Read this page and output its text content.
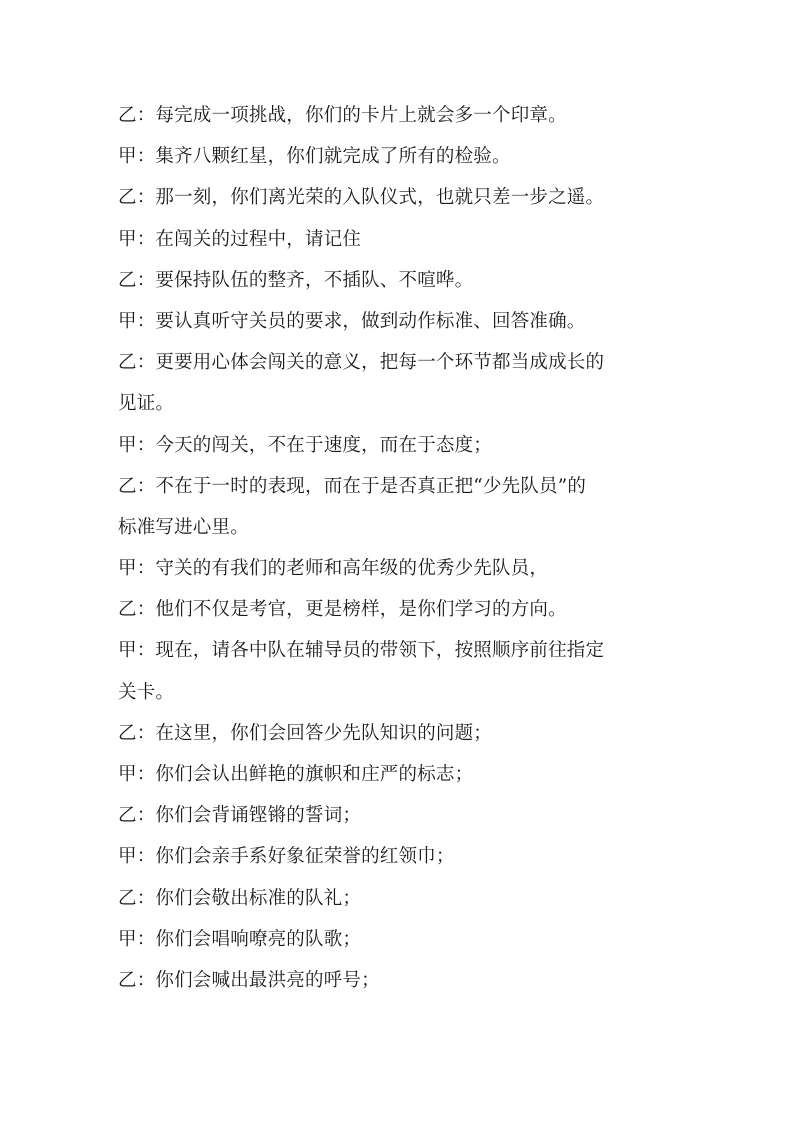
乙：每完成一项挑战，你们的卡片上就会多一个印章。
甲：集齐八颗红星，你们就完成了所有的检验。
乙：那一刻，你们离光荣的入队仪式，也就只差一步之遥。
甲：在闯关的过程中，请记住
乙：要保持队伍的整齐，不插队、不喧哗。
甲：要认真听守关员的要求，做到动作标准、回答准确。
乙：更要用心体会闯关的意义，把每一个环节都当成成长的
见证。
甲：今天的闯关，不在于速度，而在于态度；
乙：不在于一时的表现，而在于是否真正把“少先队员”的
标准写进心里。
甲：守关的有我们的老师和高年级的优秀少先队员，
乙：他们不仅是考官，更是榜样，是你们学习的方向。
甲：现在，请各中队在辅导员的带领下，按照顺序前往指定
关卡。
乙：在这里，你们会回答少先队知识的问题；
甲：你们会认出鲜艳的旗帜和庄严的标志；
乙：你们会背诵铿锵的誓词；
甲：你们会亲手系好象征荣誉的红领巾；
乙：你们会敬出标准的队礼；
甲：你们会唱响嘹亮的队歌；
乙：你们会喊出最洪亮的呼号；
